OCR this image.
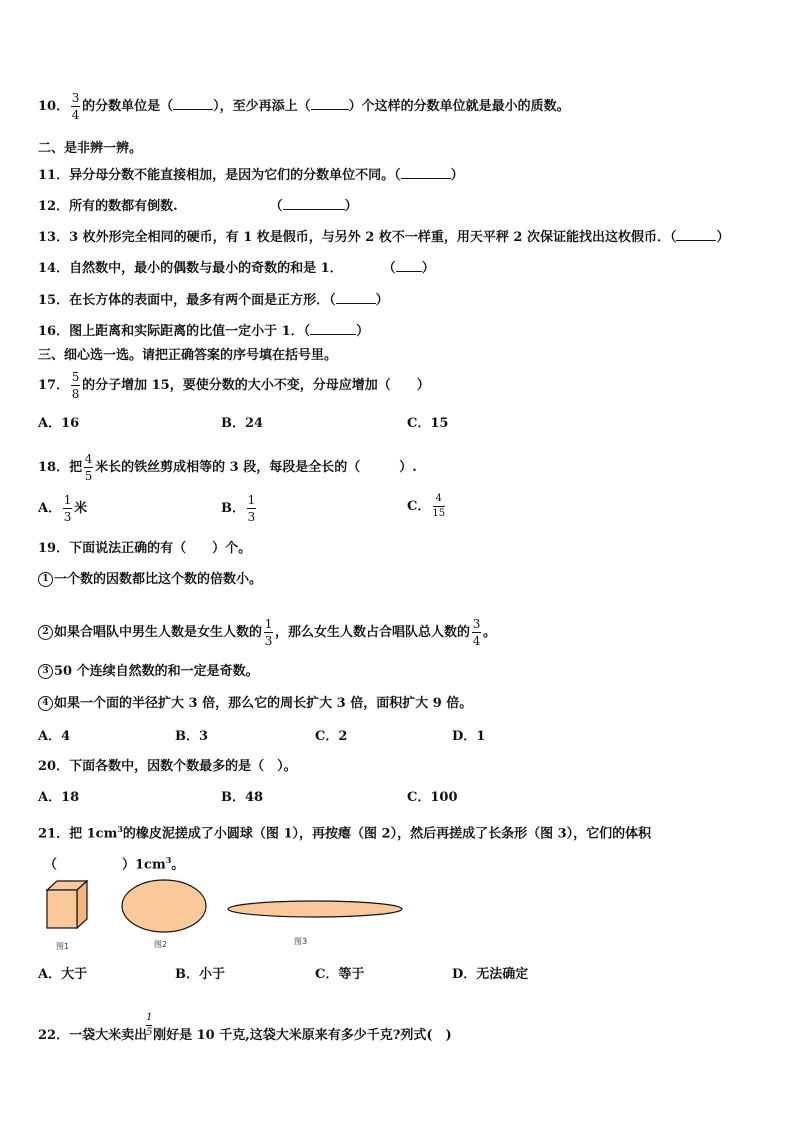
10． $\frac{3}{4}$ 的分数单位是（	），至少再添上（	）个这样的分数单位就是最小的质数。
二、是非辨一辨。
11．异分母分数不能直接相加，是因为它们的分数单位不同。（	）
12．所有的数都有倒数.	（	）
13．3 枚外形完全相同的硬币，有 1 枚是假币，与另外 2 枚不一样重，用天平秤 2 次保证能找出这枚假币．（	）
14．自然数中，最小的偶数与最小的奇数的和是 1．	（ ）
15．在长方体的表面中，最多有两个面是正方形．（	）
16．图上距离和实际距离的比值一定小于 1．（	）
三、细心选一选。请把正确答案的序号填在括号里。
17． $\frac{5}{8}$ 的分子增加 15，要使分数的大小不变，分母应增加（　　）
A．16	B．24	C．15
18．把 $\frac{4}{5}$ 米长的铁丝剪成相等的 3 段，每段是全长的（　　　）.
A． $\frac{1}{3}$ 米	B． $\frac{1}{3}$	C． $\frac{4}{15}$
19．下面说法正确的有（　　）个。
1 一个数的因数都比这个数的倍数小。
2 如果合唱队中男生人数是女生人数的 $\frac{1}{3}$ ，那么女生人数占合唱队总人数的 $\frac{3}{4}$ 。
3 50 个连续自然数的和一定是奇数。
4 如果一个面的半径扩大 3 倍，那么它的周长扩大 3 倍，面积扩大 9 倍。
A．4	B．3	C．2	D．1
20．下面各数中，因数个数最多的是（　）。
A．18	B．48	C．100
21．把 $1cm^3$的橡皮泥搓成了小圆球（图 1），再按瘪（图 2），然后再搓成了长条形（图 3），它们的体积
（　　　　　）$1cm^3$。
图1	图2	图3
A．大于	B．小于	C．等于	D．无法确定
22．一袋大米卖出
1
5 刚好是 10 千克,这袋大米原来有多少千克?列式(　)
